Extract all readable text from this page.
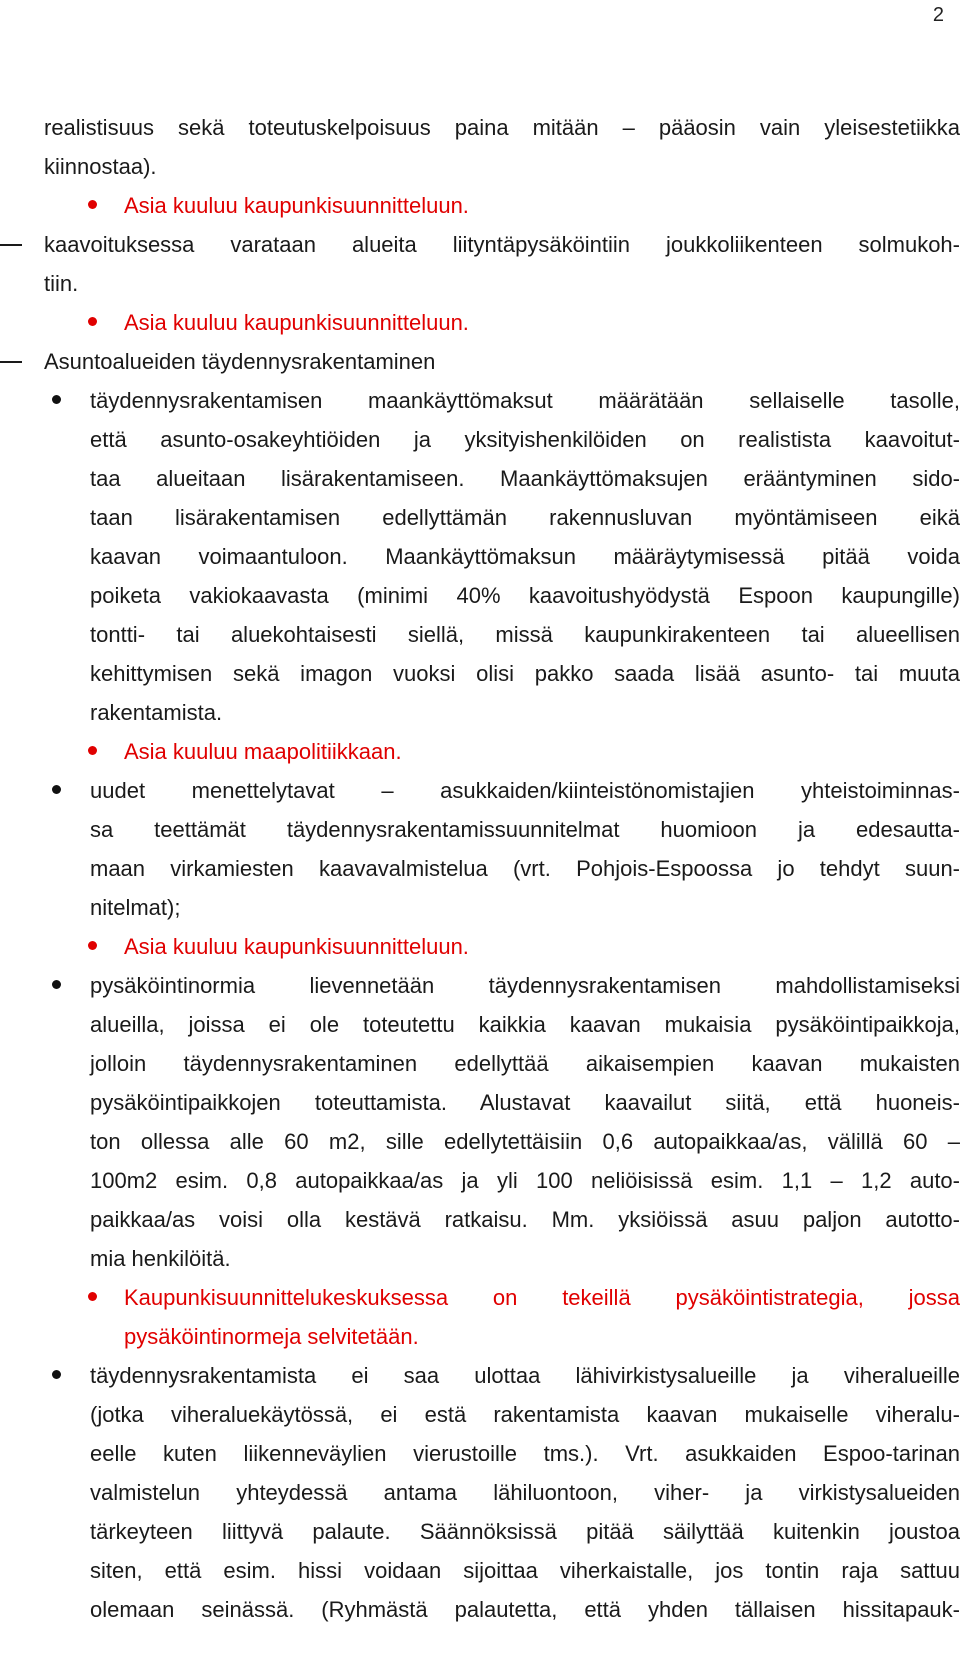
2
realistisuus sekä toteutuskelpoisuus paina mitään – pääosin vain yleisestetiikka
kiinnostaa).
Asia kuuluu kaupunkisuunnitteluun.
kaavoituksessa varataan alueita liityntäpysäköintiin joukkoliikenteen solmukoh-
tiin.
Asia kuuluu kaupunkisuunnitteluun.
Asuntoalueiden täydennysrakentaminen
täydennysrakentamisen maankäyttömaksut määrätään sellaiselle tasolle,
että asunto-osakeyhtiöiden ja yksityishenkilöiden on realistista kaavoitut-
taa alueitaan lisärakentamiseen. Maankäyttömaksujen erääntyminen sido-
taan lisärakentamisen edellyttämän rakennusluvan myöntämiseen eikä
kaavan voimaantuloon. Maankäyttömaksun määräytymisessä pitää voida
poiketa vakiokaavasta (minimi 40% kaavoitushyödystä Espoon kaupungille)
tontti- tai aluekohtaisesti siellä, missä kaupunkirakenteen tai alueellisen
kehittymisen sekä imagon vuoksi olisi pakko saada lisää asunto- tai muuta
rakentamista.
Asia kuuluu maapolitiikkaan.
uudet menettelytavat – asukkaiden/kiinteistönomistajien yhteistoiminnas-
sa teettämät täydennysrakentamissuunnitelmat huomioon ja edesautta-
maan virkamiesten kaavavalmistelua (vrt. Pohjois-Espoossa jo tehdyt suun-
nitelmat);
Asia kuuluu kaupunkisuunnitteluun.
pysäköintinormia lievennetään täydennysrakentamisen mahdollistamiseksi
alueilla, joissa ei ole toteutettu kaikkia kaavan mukaisia pysäköintipaikkoja,
jolloin täydennysrakentaminen edellyttää aikaisempien kaavan mukaisten
pysäköintipaikkojen toteuttamista. Alustavat kaavailut siitä, että huoneis-
ton ollessa alle 60 m2, sille edellytettäisiin 0,6 autopaikkaa/as, välillä 60 –
100m2 esim. 0,8 autopaikkaa/as ja yli 100 neliöisissä esim. 1,1 – 1,2 auto-
paikkaa/as voisi olla kestävä ratkaisu. Mm. yksiöissä asuu paljon autotto-
mia henkilöitä.
Kaupunkisuunnittelukeskuksessa on tekeillä pysäköintistrategia, jossa
pysäköintinormeja selvitetään.
täydennysrakentamista ei saa ulottaa lähivirkistysalueille ja viheralueille
(jotka viheraluekäytössä, ei estä rakentamista kaavan mukaiselle viheralu-
eelle kuten liikenneväylien vierustoille tms.). Vrt. asukkaiden Espoo-tarinan
valmistelun yhteydessä antama lähiluontoon, viher- ja virkistysalueiden
tärkeyteen liittyvä palaute. Säännöksissä pitää säilyttää kuitenkin joustoa
siten, että esim. hissi voidaan sijoittaa viherkaistalle, jos tontin raja sattuu
olemaan seinässä. (Ryhmästä palautetta, että yhden tällaisen hissitapauk-
